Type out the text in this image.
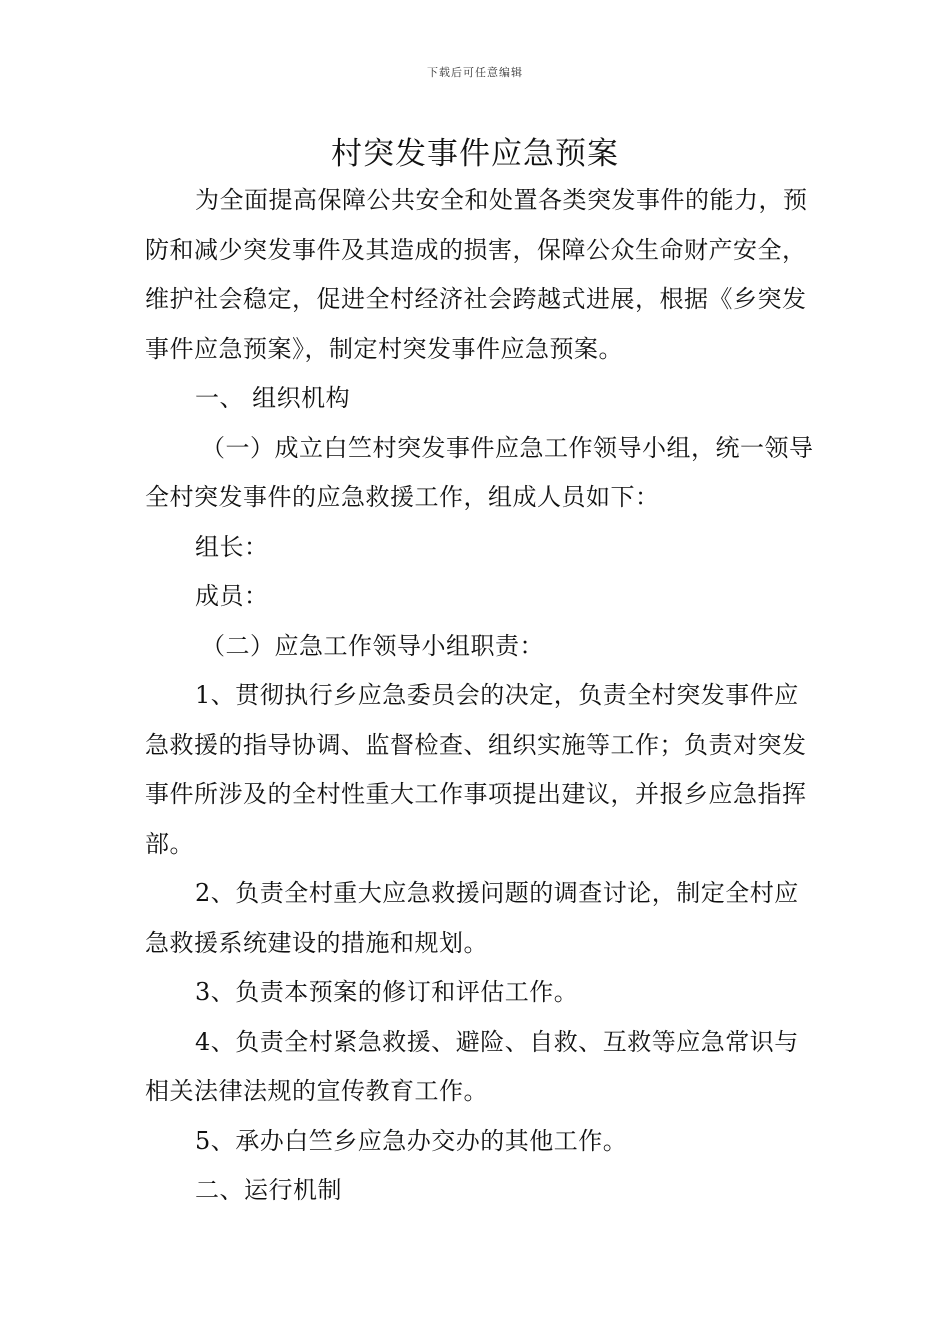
下载后可任意编辑
村突发事件应急预案

为全面提高保障公共安全和处置各类突发事件的能力，预防和减少突发事件及其造成的损害，保障公众生命财产安全，维护社会稳定，促进全村经济社会跨越式进展，根据《乡突发事件应急预案》，制定村突发事件应急预案。

一、 组织机构

（一）成立白竺村突发事件应急工作领导小组，统一领导全村突发事件的应急救援工作，组成人员如下：

组长：

成员：

（二）应急工作领导小组职责：

1、贯彻执行乡应急委员会的决定，负责全村突发事件应急救援的指导协调、监督检查、组织实施等工作；负责对突发事件所涉及的全村性重大工作事项提出建议，并报乡应急指挥部。

2、负责全村重大应急救援问题的调查讨论，制定全村应急救援系统建设的措施和规划。

3、负责本预案的修订和评估工作。

4、负责全村紧急救援、避险、自救、互救等应急常识与相关法律法规的宣传教育工作。

5、承办白竺乡应急办交办的其他工作。

二、运行机制
